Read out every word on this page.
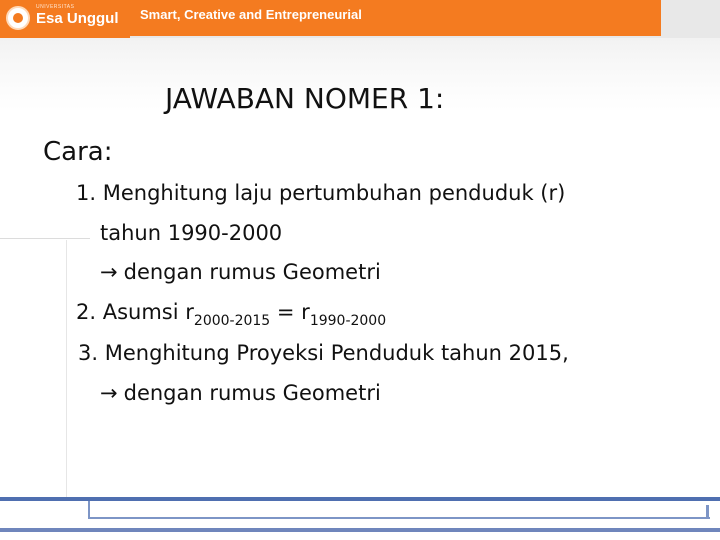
UNIVERSITAS
Esa Unggul Smart, Creative and Entrepreneurial
JAWABAN NOMER 1:
Cara:
1. Menghitung laju pertumbuhan penduduk (r)
tahun 1990-2000
→ dengan rumus Geometri
2. Asumsi $r_{2000-2015} = r_{1990-2000}$
3. Menghitung Proyeksi Penduduk tahun 2015,
→ dengan rumus Geometri
